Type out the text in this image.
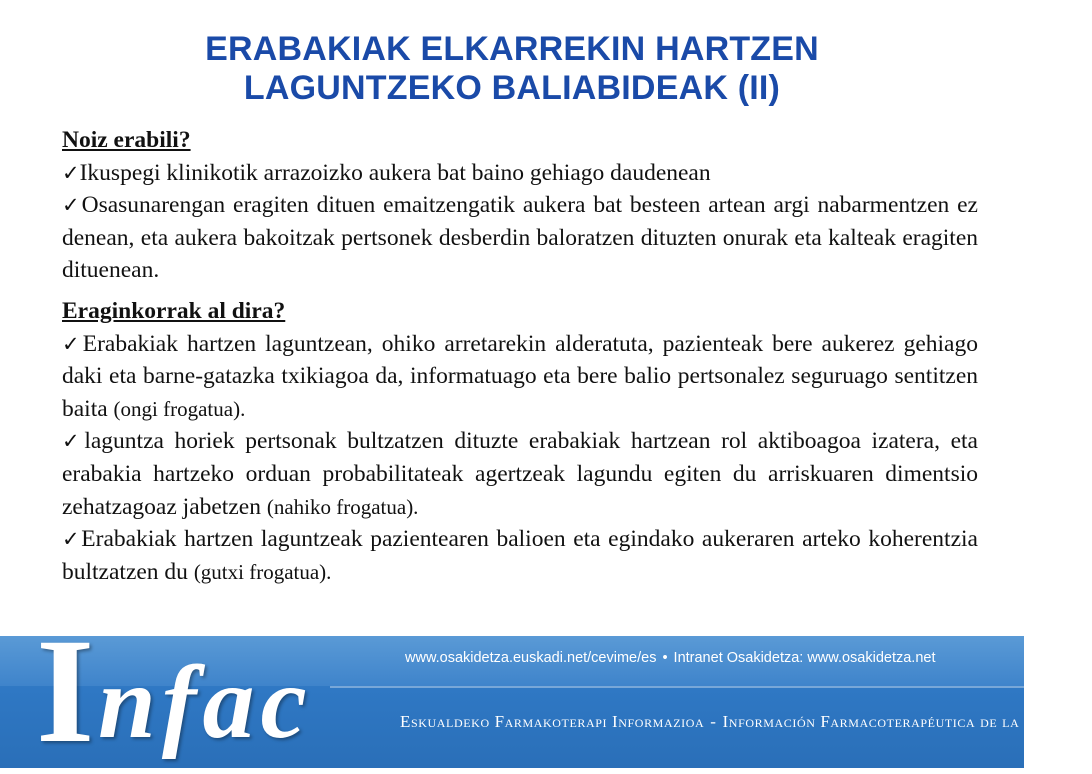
ERABAKIAK ELKARREKIN HARTZEN
LAGUNTZEKO BALIABIDEAK (II)

Noiz erabili?

✓Ikuspegi klinikotik arrazoizko aukera bat baino gehiago daudenean

✓Osasunarengan eragiten dituen emaitzengatik aukera bat besteen artean argi nabarmentzen ez denean, eta aukera bakoitzak pertsonek desberdin baloratzen dituzten onurak eta kalteak eragiten dituenean.

Eraginkorrak al dira?

✓Erabakiak hartzen laguntzean, ohiko arretarekin alderatuta, pazienteak bere aukerez gehiago daki eta barne-gatazka txikiagoa da, informatuago eta bere balio pertsonalez seguruago sentitzen baita (ongi frogatua).

✓laguntza horiek pertsonak bultzatzen dituzte erabakiak hartzean rol aktiboagoa izatera, eta erabakia hartzeko orduan probabilitateak agertzeak lagundu egiten du arriskuaren dimentsio zehatzagoaz jabetzen (nahiko frogatua).

✓Erabakiak hartzen laguntzeak pazientearen balioen eta egindako aukeraren arteko koherentzia bultzatzen du (gutxi frogatua).

www.osakidetza.euskadi.net/cevime/es • Intranet Osakidetza: www.osakidetza.net
Eskualdeko Farmakoterapi Informazioa - Información Farmacoterapéutica de la Comarca
I nfac
